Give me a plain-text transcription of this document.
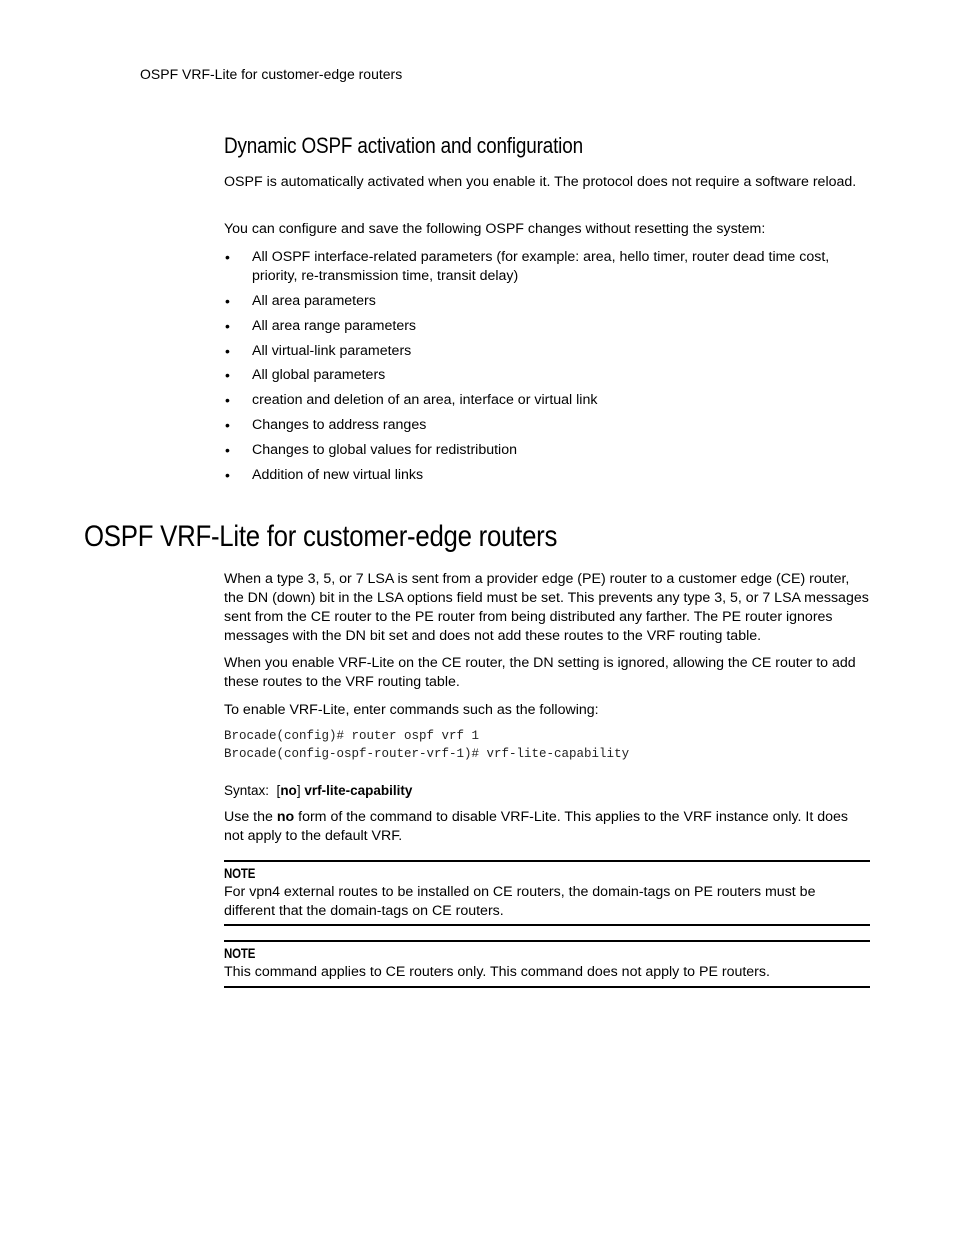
OSPF VRF-Lite for customer-edge routers
Dynamic OSPF activation and configuration

OSPF is automatically activated when you enable it. The protocol does not require a software reload.

You can configure and save the following OSPF changes without resetting the system:

• All OSPF interface-related parameters (for example: area, hello timer, router dead time cost, priority, re-transmission time, transit delay)
• All area parameters
• All area range parameters
• All virtual-link parameters
• All global parameters
• creation and deletion of an area, interface or virtual link
• Changes to address ranges
• Changes to global values for redistribution
• Addition of new virtual links
OSPF VRF-Lite for customer-edge routers

When a type 3, 5, or 7 LSA is sent from a provider edge (PE) router to a customer edge (CE) router, the DN (down) bit in the LSA options field must be set. This prevents any type 3, 5, or 7 LSA messages sent from the CE router to the PE router from being distributed any farther. The PE router ignores messages with the DN bit set and does not add these routes to the VRF routing table.

When you enable VRF-Lite on the CE router, the DN setting is ignored, allowing the CE router to add these routes to the VRF routing table.

To enable VRF-Lite, enter commands such as the following:

Brocade(config)# router ospf vrf 1
Brocade(config-ospf-router-vrf-1)# vrf-lite-capability
Syntax: [no] vrf-lite-capability

Use the no form of the command to disable VRF-Lite. This applies to the VRF instance only. It does not apply to the default VRF.

NOTE

For vpn4 external routes to be installed on CE routers, the domain-tags on PE routers must be different that the domain-tags on CE routers.

NOTE

This command applies to CE routers only. This command does not apply to PE routers.
